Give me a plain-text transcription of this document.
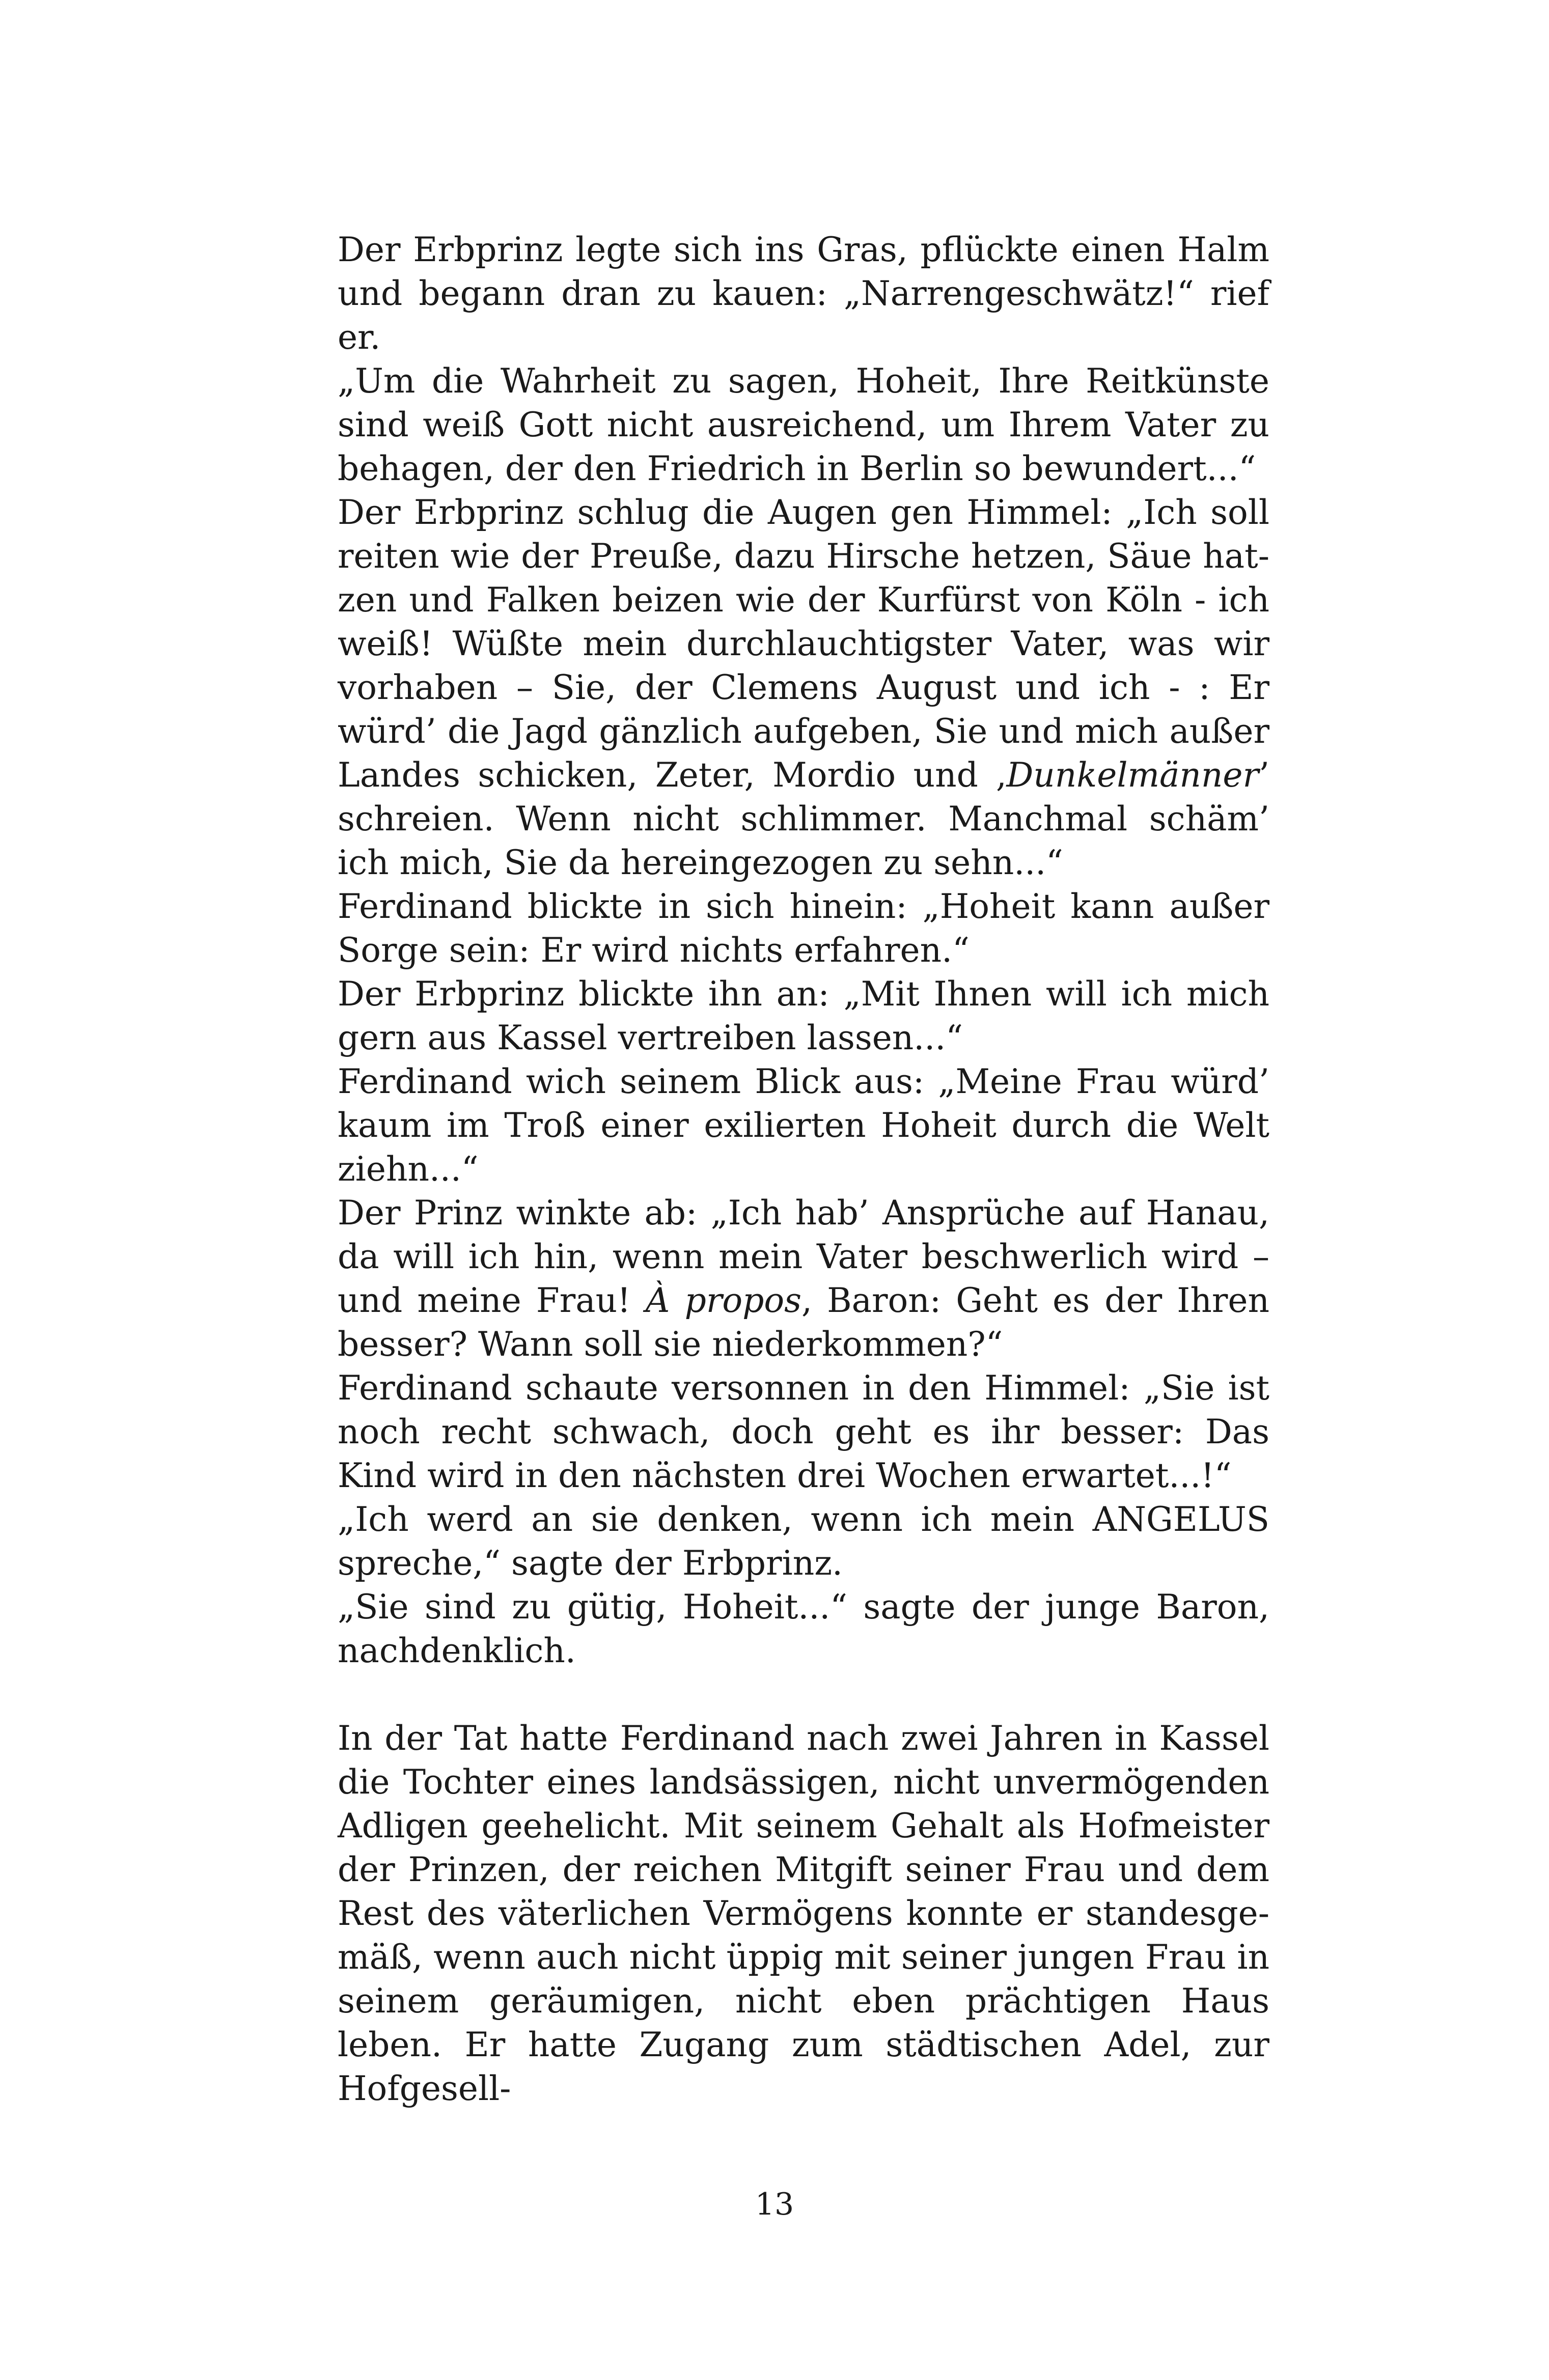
Der Erbprinz legte sich ins Gras, pflückte einen Halm und begann dran zu kauen: „Narrengeschwätz!“ rief er.

„Um die Wahrheit zu sagen, Hoheit, Ihre Reitkünste sind weiß Gott nicht ausreichend, um Ihrem Vater zu behagen, der den Friedrich in Berlin so bewundert...“

Der Erbprinz schlug die Augen gen Himmel: „Ich soll reiten wie der Preuße, dazu Hirsche hetzen, Säue hatzen und Falken beizen wie der Kurfürst von Köln - ich weiß! Wüßte mein durchlauchtigster Vater, was wir vorhaben – Sie, der Clemens August und ich - : Er würd’ die Jagd gänzlich aufgeben, Sie und mich außer Landes schicken, Zeter, Mordio und ‚Dunkelmänner’ schreien. Wenn nicht schlimmer. Manchmal schäm’ ich mich, Sie da hereingezogen zu sehn...“

Ferdinand blickte in sich hinein: „Hoheit kann außer Sorge sein: Er wird nichts erfahren.“

Der Erbprinz blickte ihn an: „Mit Ihnen will ich mich gern aus Kassel vertreiben lassen...“

Ferdinand wich seinem Blick aus: „Meine Frau würd’ kaum im Troß einer exilierten Hoheit durch die Welt ziehn...“

Der Prinz winkte ab: „Ich hab’ Ansprüche auf Hanau, da will ich hin, wenn mein Vater beschwerlich wird – und meine Frau! À propos, Baron: Geht es der Ihren besser? Wann soll sie niederkommen?“

Ferdinand schaute versonnen in den Himmel: „Sie ist noch recht schwach, doch geht es ihr besser: Das Kind wird in den nächsten drei Wochen erwartet...!“

„Ich werd an sie denken, wenn ich mein ANGELUS spreche,“ sagte der Erbprinz.

„Sie sind zu gütig, Hoheit...“ sagte der junge Baron, nachdenklich.

In der Tat hatte Ferdinand nach zwei Jahren in Kassel die Tochter eines landsässigen, nicht unvermögenden Adligen geehelicht. Mit seinem Gehalt als Hofmeister der Prinzen, der reichen Mitgift seiner Frau und dem Rest des väterlichen Vermögens konnte er standesgemäß, wenn auch nicht üppig mit seiner jungen Frau in seinem geräumigen, nicht eben prächtigen Haus leben. Er hatte Zugang zum städtischen Adel, zur Hofgesell-

13
